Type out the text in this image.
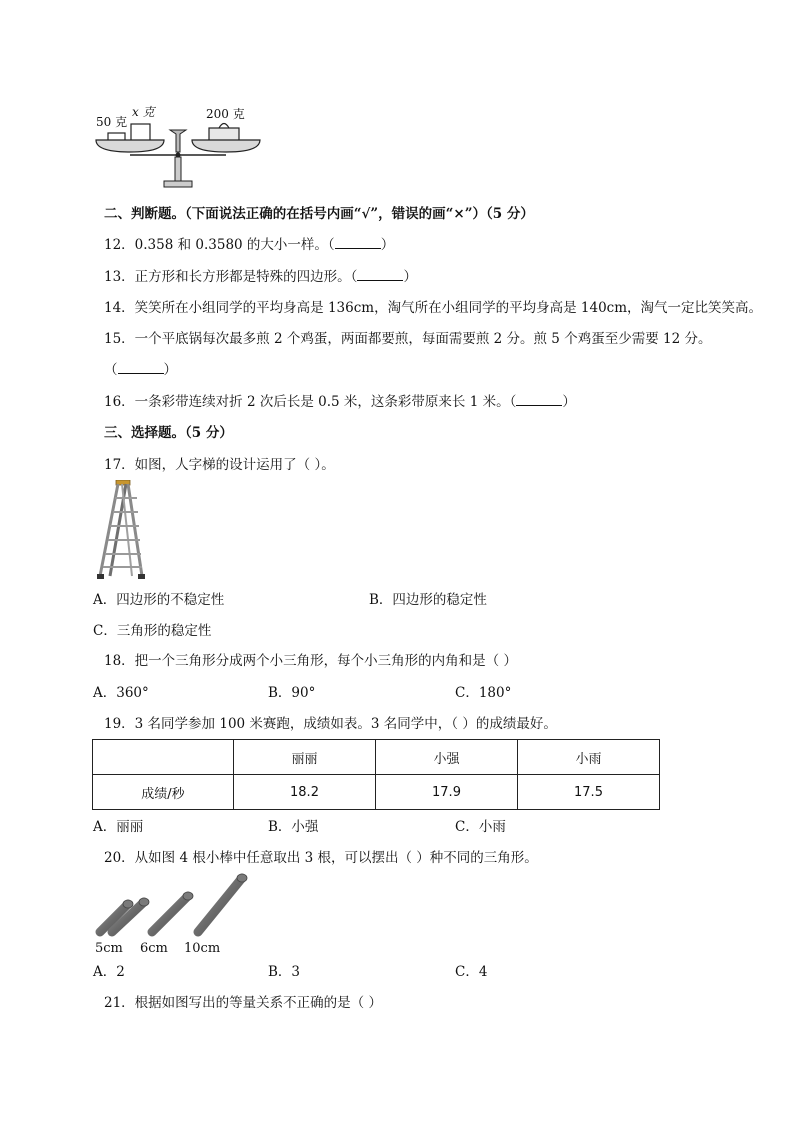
50 克
x 克	200 克
二、判断题。（下面说法正确的在括号内画“√”，错误的画“×”）（5 分）
12．0.358 和 0.3580 的大小一样。（	）
13．正方形和长方形都是特殊的四边形。（	）
14．笑笑所在小组同学的平均身高是 136cm，淘气所在小组同学的平均身高是 140cm，淘气一定比笑笑高。
15．一个平底锅每次最多煎 2 个鸡蛋，两面都要煎，每面需要煎 2 分。煎 5 个鸡蛋至少需要 12 分。
（	）
16．一条彩带连续对折 2 次后长是 0.5 米，这条彩带原来长 1 米。（	）
三、选择题。（5 分）
17．如图，人字梯的设计运用了（ ）。
A．四边形的不稳定性	B．四边形的稳定性
C．三角形的稳定性
18．把一个三角形分成两个小三角形，每个小三角形的内角和是（ ）
A．360°	B．90°	C．180°
19．3 名同学参加 100 米赛跑，成绩如表。3 名同学中，（ ）的成绩最好。
	丽丽	小强	小雨
成绩/秒	18.2	17.9	17.5
A．丽丽	B．小强	C．小雨
20．从如图 4 根小棒中任意取出 3 根，可以摆出（ ）种不同的三角形。
5cm 6cm 10cm
A．2	B．3	C．4
21．根据如图写出的等量关系不正确的是（ ）
